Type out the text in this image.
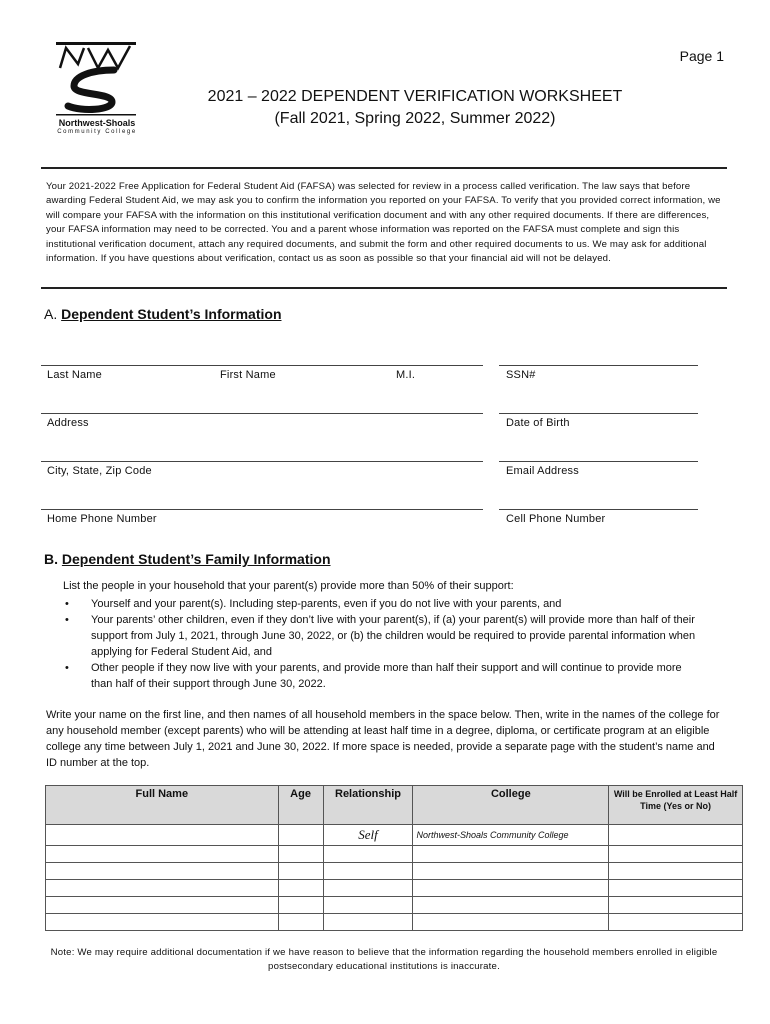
Northwest-Shoals
Community College
Page 1
2021 – 2022 DEPENDENT VERIFICATION WORKSHEET
(Fall 2021, Spring 2022, Summer 2022)
Your 2021-2022 Free Application for Federal Student Aid (FAFSA) was selected for review in a process called verification. The law says that before awarding Federal Student Aid, we may ask you to confirm the information you reported on your FAFSA. To verify that you provided correct information, we will compare your FAFSA with the information on this institutional verification document and with any other required documents. If there are differences, your FAFSA information may need to be corrected. You and a parent whose information was reported on the FAFSA must complete and sign this institutional verification document, attach any required documents, and submit the form and other required documents to us. We may ask for additional information. If you have questions about verification, contact us as soon as possible so that your financial aid will not be delayed.
A. Dependent Student’s Information
Last Name	First Name	M.I.	SSN#
Address	Date of Birth
City, State, Zip Code	Email Address
Home Phone Number	Cell Phone Number
B. Dependent Student’s Family Information
List the people in your household that your parent(s) provide more than 50% of their support:
• Yourself and your parent(s). Including step-parents, even if you do not live with your parents, and
• Your parents’ other children, even if they don’t live with your parent(s), if (a) your parent(s) will provide more than half of their support from July 1, 2021, through June 30, 2022, or (b) the children would be required to provide parental information when applying for Federal Student Aid, and
• Other people if they now live with your parents, and provide more than half their support and will continue to provide more than half of their support through June 30, 2022.
Write your name on the first line, and then names of all household members in the space below. Then, write in the names of the college for any household member (except parents) who will be attending at least half time in a degree, diploma, or certificate program at an eligible college any time between July 1, 2021 and June 30, 2022. If more space is needed, provide a separate page with the student’s name and ID number at the top.
Full Name	Age	Relationship	College	Will be Enrolled at Least Half Time (Yes or No)
		Self	Northwest-Shoals Community College	

Note: We may require additional documentation if we have reason to believe that the information regarding the household members enrolled in eligible postsecondary educational institutions is inaccurate.
